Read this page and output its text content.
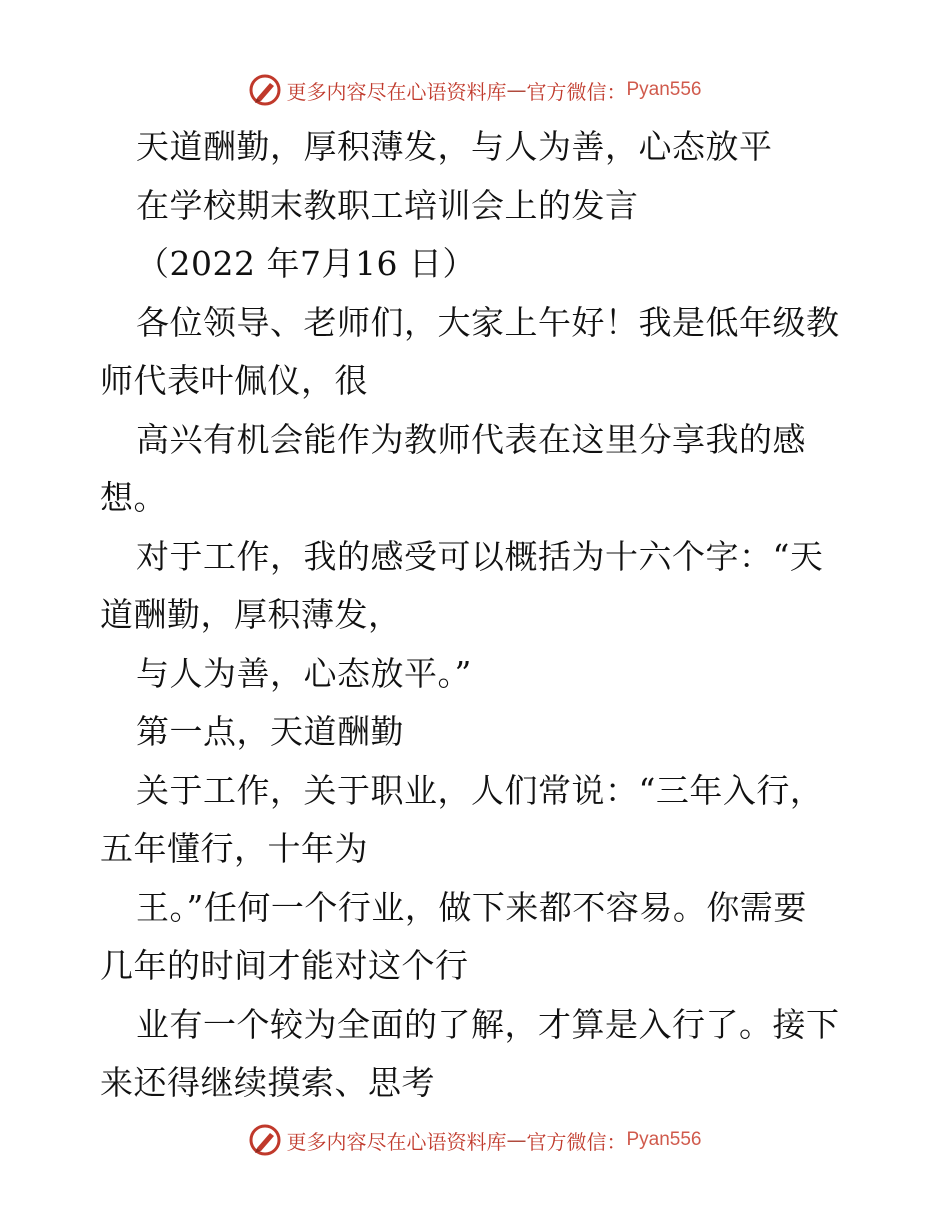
更多内容尽在心语资料库 — 官方微信： Pyan556
天道酬勤，厚积薄发，与人为善，心态放平
在学校期末教职工培训会上的发言
（2022 年7月16 日）
各位领导、老师们，大家上午好！我是低年级教
师代表叶佩仪，很
高兴有机会能作为教师代表在这里分享我的感
想。
对于工作，我的感受可以概括为十六个字：“天
道酬勤，厚积薄发，
与人为善，心态放平。”
第一点，天道酬勤
关于工作，关于职业，人们常说：“三年入行，
五年懂行，十年为
王。”任何一个行业，做下来都不容易。你需要
几年的时间才能对这个行
业有一个较为全面的了解，才算是入行了。接下
来还得继续摸索、思考
更多内容尽在心语资料库 — 官方微信： Pyan556
